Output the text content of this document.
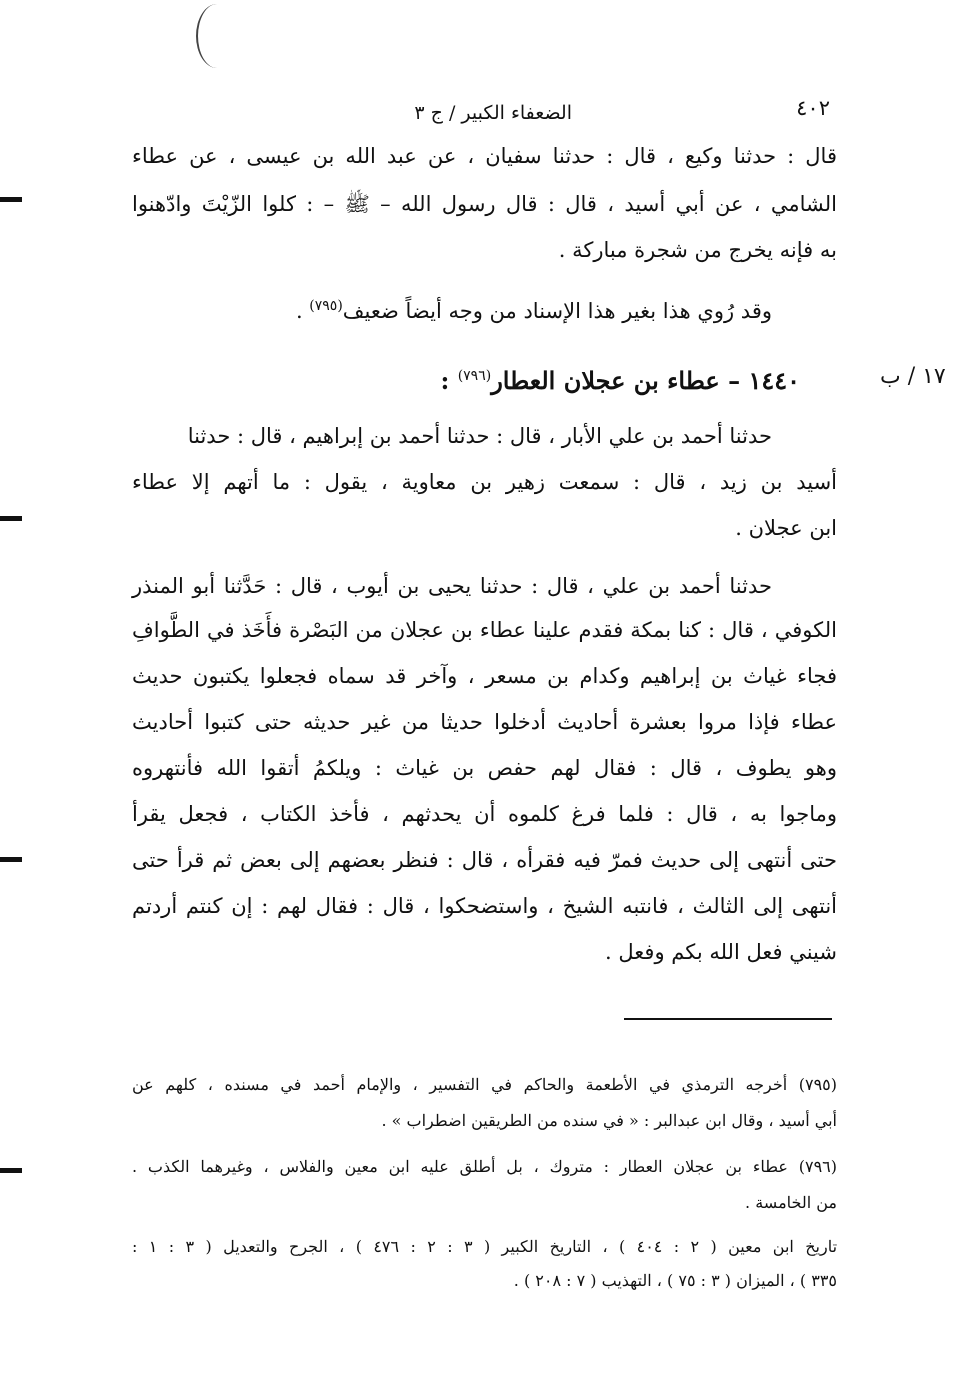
٤٠٢
الضعفاء الكبير / ج ٣
١٧ / ب
قال : حدثنا وكيع ، قال : حدثنا سفيان ، عن عبد الله بن عيسى ، عن عطاء
الشامي ، عن أبي أسيد ، قال : قال رسول الله – ﷺ – : كلوا الزّيْتَ وادّهنوا
به فإنه يخرج من شجرة مباركة .
وقد رُوي هذا بغير هذا الإسناد من وجه أيضاً ضعيف$^{(٧٩٥)}$ .
١٤٤٠ – عطاء بن عجلان العطار$^{(٧٩٦)}$ :
حدثنا أحمد بن علي الأبار ، قال : حدثنا أحمد بن إبراهيم ، قال : حدثنا
أسيد بن زيد ، قال : سمعت زهير بن معاوية ، يقول : ما أتهم إلا عطاء
ابن عجلان .
حدثنا أحمد بن علي ، قال : حدثنا يحيى بن أيوب ، قال : حَدَّثنا أبو المنذر
الكوفي ، قال : كنا بمكة فقدم علينا عطاء بن عجلان من البَصْرة فأَخَذ في الطَّوافِ
فجاء غياث بن إبراهيم وكدام بن مسعر ، وآخر قد سماه فجعلوا يكتبون حديث
عطاء فإذا مروا بعشرة أحاديث أدخلوا حديثا من غير حديثه حتى كتبوا أحاديث
وهو يطوف ، قال : فقال لهم حفص بن غياث : ويلكمُ أتقوا الله فأنتهروه
وماجوا به ، قال : فلما فرغ كلموه أن يحدثهم ، فأخذ الكتاب ، فجعل يقرأ
حتى أنتهى إلى حديث فمرّ فيه فقرأه ، قال : فنظر بعضهم إلى بعض ثم قرأ حتى
أنتهى إلى الثالث ، فانتبه الشيخ ، واستضحكوا ، قال : فقال لهم : إن كنتم أردتم
شيني فعل الله بكم وفعل .
(٧٩٥) أخرجه الترمذي في الأطعمة والحاكم في التفسير ، والإمام أحمد في مسنده ، كلهم عن
أبي أسيد ، وقال ابن عبدالبر : « في سنده من الطريقين اضطراب » .
(٧٩٦) عطاء بن عجلان العطار : متروك ، بل أطلق عليه ابن معين والفلاس ، وغيرهما الكذب .
من الخامسة .
تاريخ ابن معين ( ٢ : ٤٠٤ ) ، التاريخ الكبير ( ٣ : ٢ : ٤٧٦ ) ، الجرح والتعديل ( ٣ : ١ :
٣٣٥ ) ، الميزان ( ٣ : ٧٥ ) ، التهذيب ( ٧ : ٢٠٨ ) .
